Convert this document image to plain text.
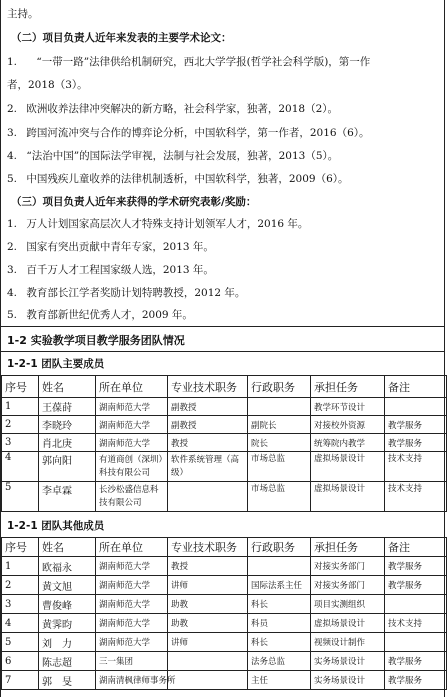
主持。
（二）项目负责人近年来发表的主要学术论文：
1. “一带一路”法律供给机制研究，西北大学学报(哲学社会科学版)，第一作
者，2018（3）。
2. 欧洲收养法律冲突解决的新方略，社会科学家，独著，2018（2）。
3. 跨国河流冲突与合作的博弈论分析，中国软科学，第一作者，2016（6）。
4. “法治中国”的国际法学审视，法制与社会发展，独著，2013（5）。
5. 中国残疾儿童收养的法律机制透析，中国软科学，独著，2009（6）。
（三）项目负责人近年来获得的学术研究表彰/奖励：
1. 万人计划国家高层次人才特殊支持计划领军人才，2016 年。
2. 国家有突出贡献中青年专家，2013 年。
3. 百千万人才工程国家级人选，2013 年。
4. 教育部长江学者奖励计划特聘教授，2012 年。
5. 教育部新世纪优秀人才，2009 年。
1-2 实验教学项目教学服务团队情况
1-2-1 团队主要成员
序号	姓名	所在单位	专业技术职务	行政职务	承担任务	备注
1	王葆莳	湖南师范大学	副教授		教学环节设计	
2	李晓玲	湖南师范大学	副教授	副院长	对接校外资源	教学服务
3	肖北庚	湖南师范大学	教授	院长	统筹院内教学	教学服务
4	郭向阳	有道商创（深圳）科技有限公司	软件系统管理（高级）	市场总监	虚拟场景设计	技术支持
5	李卓霖	长沙松盛信息科技有限公司		市场总监	虚拟场景设计	技术支持
1-2-1 团队其他成员
序号	姓名	所在单位	专业技术职务	行政职务	承担任务	备注
1	欧福永	湖南师范大学	教授		对接实务部门	教学服务
2	黄文旭	湖南师范大学	讲师	国际法系主任	对接实务部门	教学服务
3	曹俊峰	湖南师范大学	助教	科长	项目实测组织	
4	黄霁昀	湖南师范大学	助教	科员	虚拟场景设计	技术支持
5	刘　力	湖南师范大学	讲师	科长	视频设计制作	
6	陈志超	三一集团		法务总监	实务场景设计	教学服务
7	郭　旻	湖南清枫律师事务所		主任	实务场景设计	教学服务
